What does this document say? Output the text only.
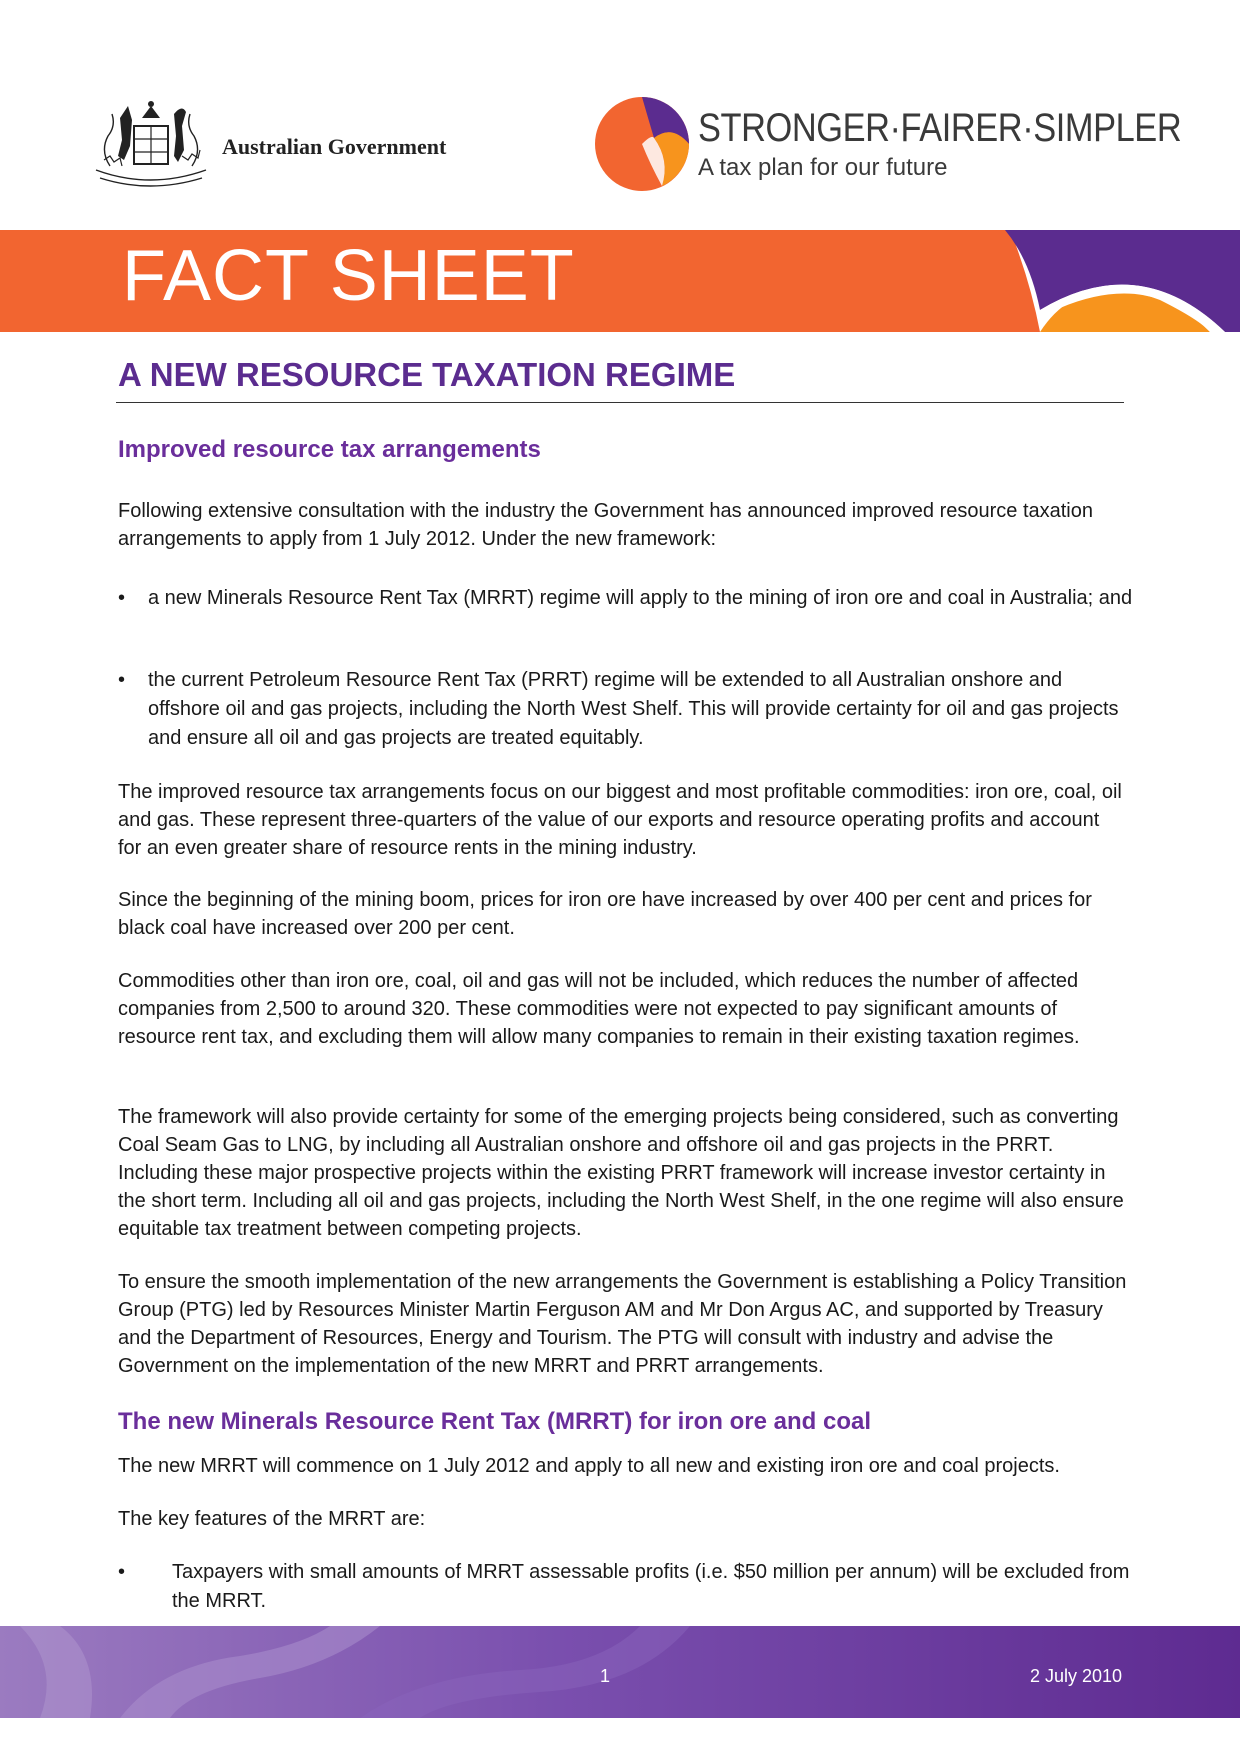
Australian Government	STRONGER·FAIRER·SIMPLER
A tax plan for our future
FACT SHEET
A NEW RESOURCE TAXATION REGIME
Improved resource tax arrangements
Following extensive consultation with the industry the Government has announced improved resource taxation arrangements to apply from 1 July 2012. Under the new framework:
•	a new Minerals Resource Rent Tax (MRRT) regime will apply to the mining of iron ore and coal in Australia; and
•	the current Petroleum Resource Rent Tax (PRRT) regime will be extended to all Australian onshore and offshore oil and gas projects, including the North West Shelf. This will provide certainty for oil and gas projects and ensure all oil and gas projects are treated equitably.
The improved resource tax arrangements focus on our biggest and most profitable commodities: iron ore, coal, oil and gas. These represent three-quarters of the value of our exports and resource operating profits and account for an even greater share of resource rents in the mining industry.
Since the beginning of the mining boom, prices for iron ore have increased by over 400 per cent and prices for black coal have increased over 200 per cent.
Commodities other than iron ore, coal, oil and gas will not be included, which reduces the number of affected companies from 2,500 to around 320. These commodities were not expected to pay significant amounts of resource rent tax, and excluding them will allow many companies to remain in their existing taxation regimes.
The framework will also provide certainty for some of the emerging projects being considered, such as converting Coal Seam Gas to LNG, by including all Australian onshore and offshore oil and gas projects in the PRRT. Including these major prospective projects within the existing PRRT framework will increase investor certainty in the short term. Including all oil and gas projects, including the North West Shelf, in the one regime will also ensure equitable tax treatment between competing projects.
To ensure the smooth implementation of the new arrangements the Government is establishing a Policy Transition Group (PTG) led by Resources Minister Martin Ferguson AM and Mr Don Argus AC, and supported by Treasury and the Department of Resources, Energy and Tourism. The PTG will consult with industry and advise the Government on the implementation of the new MRRT and PRRT arrangements.
The new Minerals Resource Rent Tax (MRRT) for iron ore and coal
The new MRRT will commence on 1 July 2012 and apply to all new and existing iron ore and coal projects.
The key features of the MRRT are:
•	Taxpayers with small amounts of MRRT assessable profits (i.e. $50 million per annum) will be excluded from the MRRT.
1	2 July 2010
